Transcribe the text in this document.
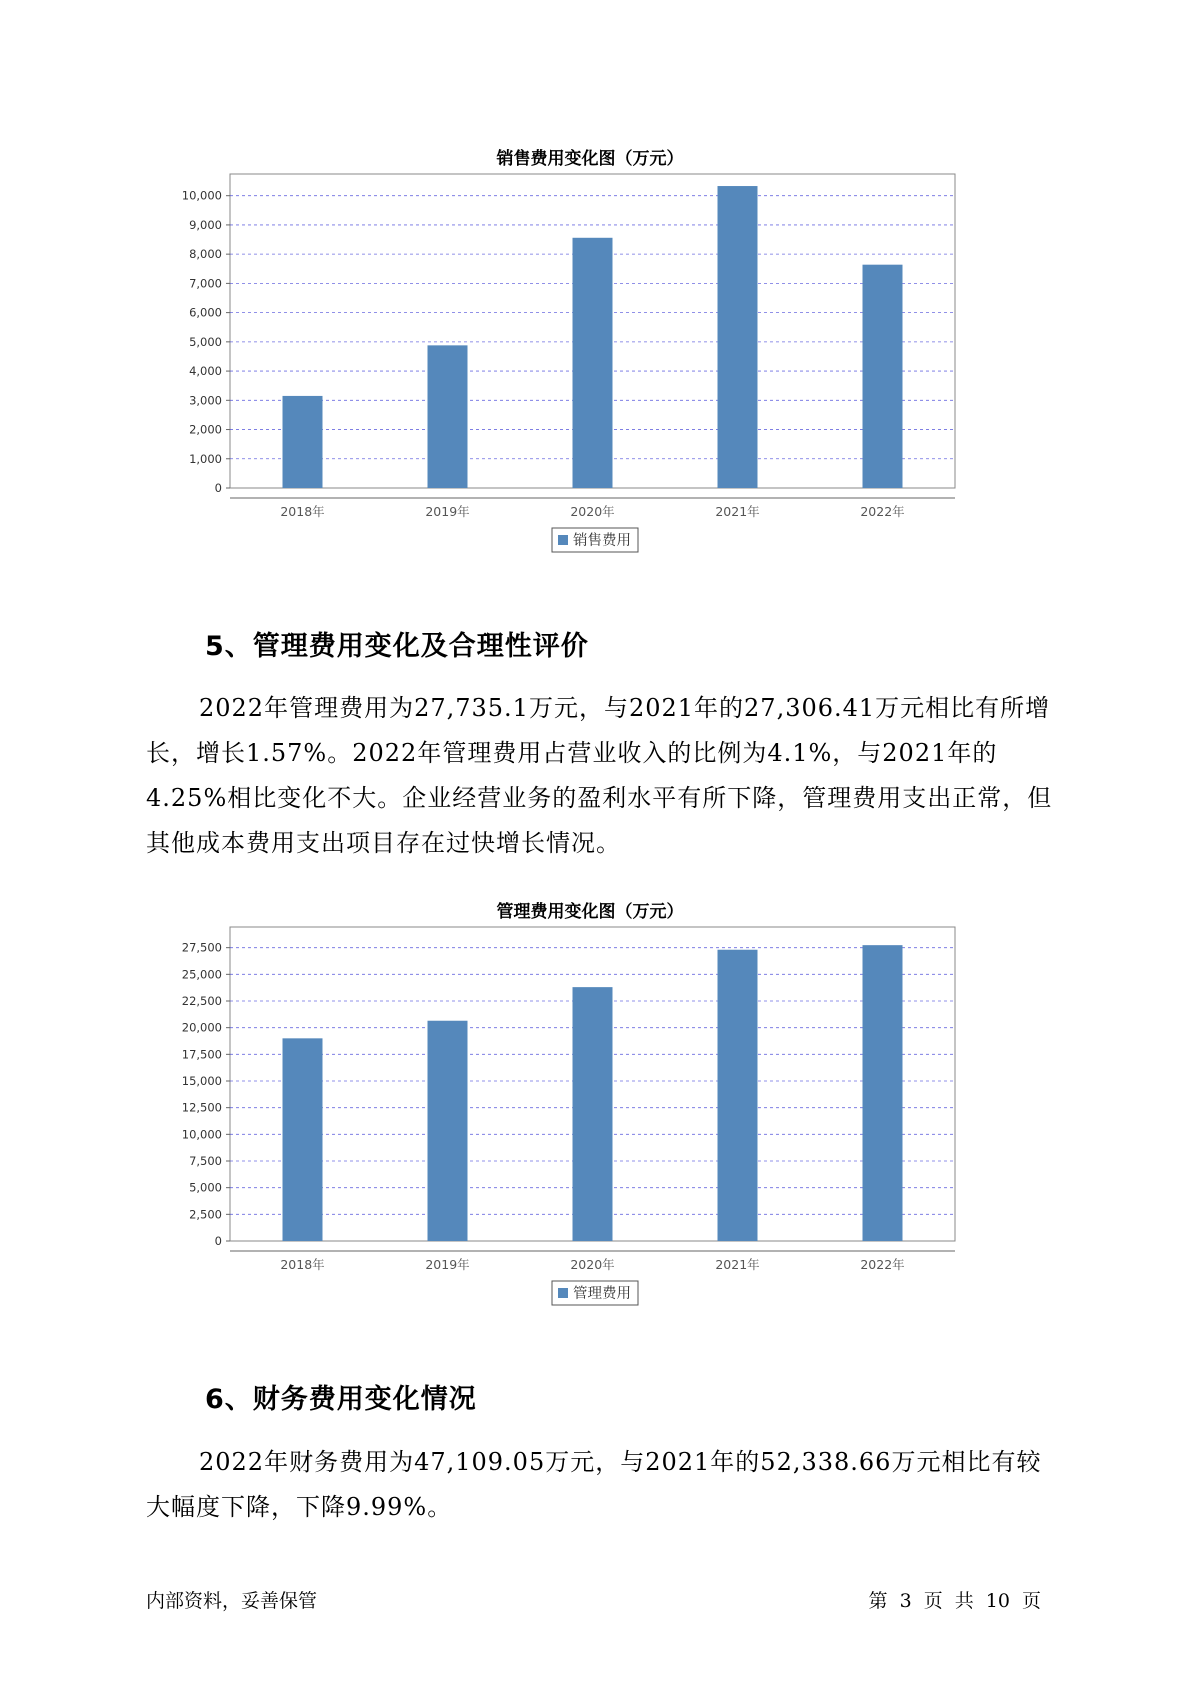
销售费用变化图（万元）
0
1,000
2,000
3,000
4,000
5,000
6,000
7,000
8,000
9,000
10,000
2018年	2019年	2020年	2021年	2022年
销售费用
5、管理费用变化及合理性评价

2022年管理费用为27,735.1万元，与2021年的27,306.41万元相比有所增长，增长1.57%。2022年管理费用占营业收入的比例为4.1%，与2021年的4.25%相比变化不大。企业经营业务的盈利水平有所下降，管理费用支出正常，但其他成本费用支出项目存在过快增长情况。

管理费用变化图（万元）
0
2,500
5,000
7,500
10,000
12,500
15,000
17,500
20,000
22,500
25,000
27,500
2018年	2019年	2020年	2021年	2022年
管理费用
6、财务费用变化情况

2022年财务费用为47,109.05万元，与2021年的52,338.66万元相比有较大幅度下降，下降9.99%。

内部资料，妥善保管	第 3 页 共 10 页
